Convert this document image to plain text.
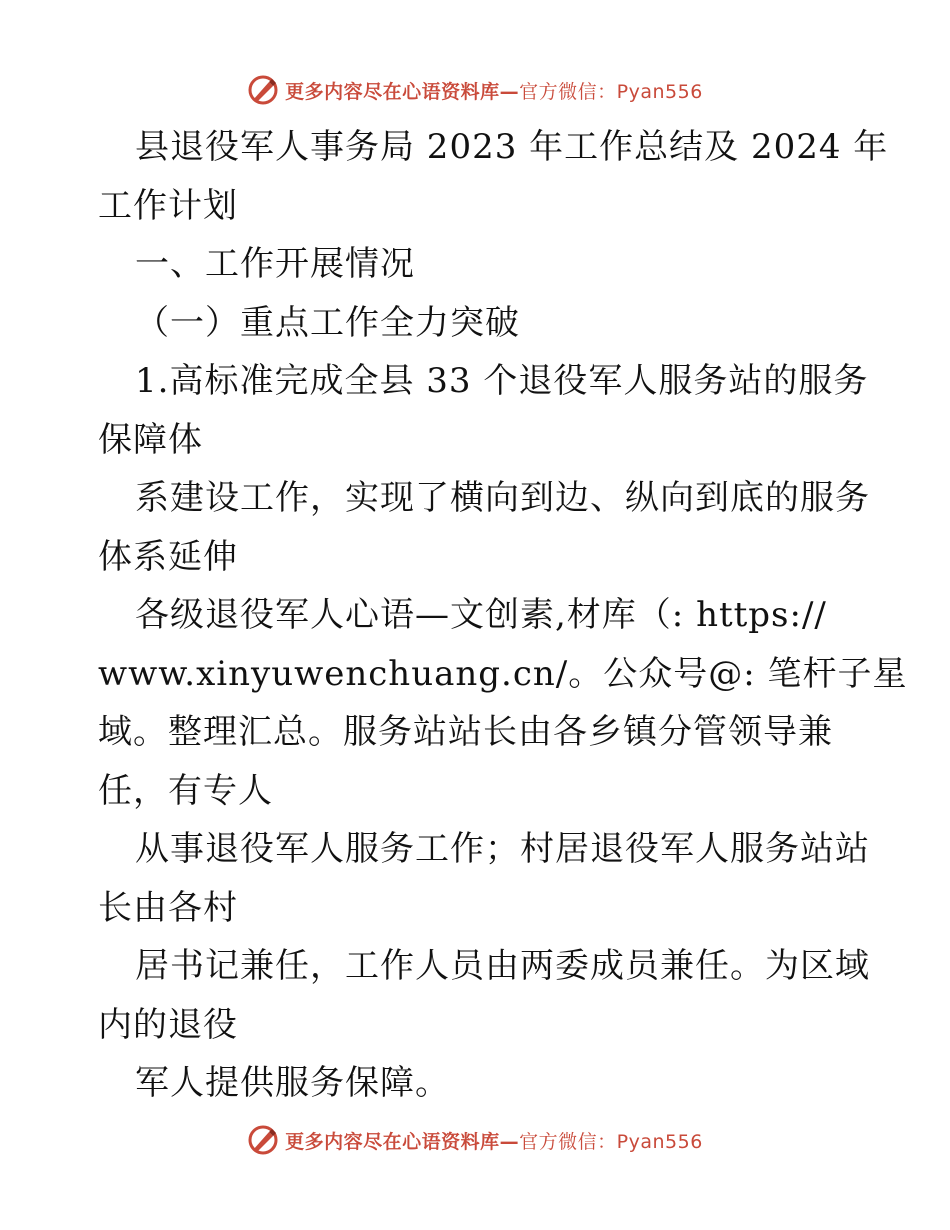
更多内容尽在心语资料库—官方微信：Pyan556
县退役军人事务局 2023 年工作总结及 2024 年
工作计划
一、工作开展情况
（一）重点工作全力突破
1.高标准完成全县 33 个退役军人服务站的服务
保障体
系建设工作，实现了横向到边、纵向到底的服务
体系延伸
各级退役军人心语—文创素,材库（: https://
www.xinyuwenchuang.cn/。公众号@: 笔杆子星
域。整理汇总。服务站站长由各乡镇分管领导兼
任，有专人
从事退役军人服务工作；村居退役军人服务站站
长由各村
居书记兼任，工作人员由两委成员兼任。为区域
内的退役
军人提供服务保障。
更多内容尽在心语资料库—官方微信：Pyan556
